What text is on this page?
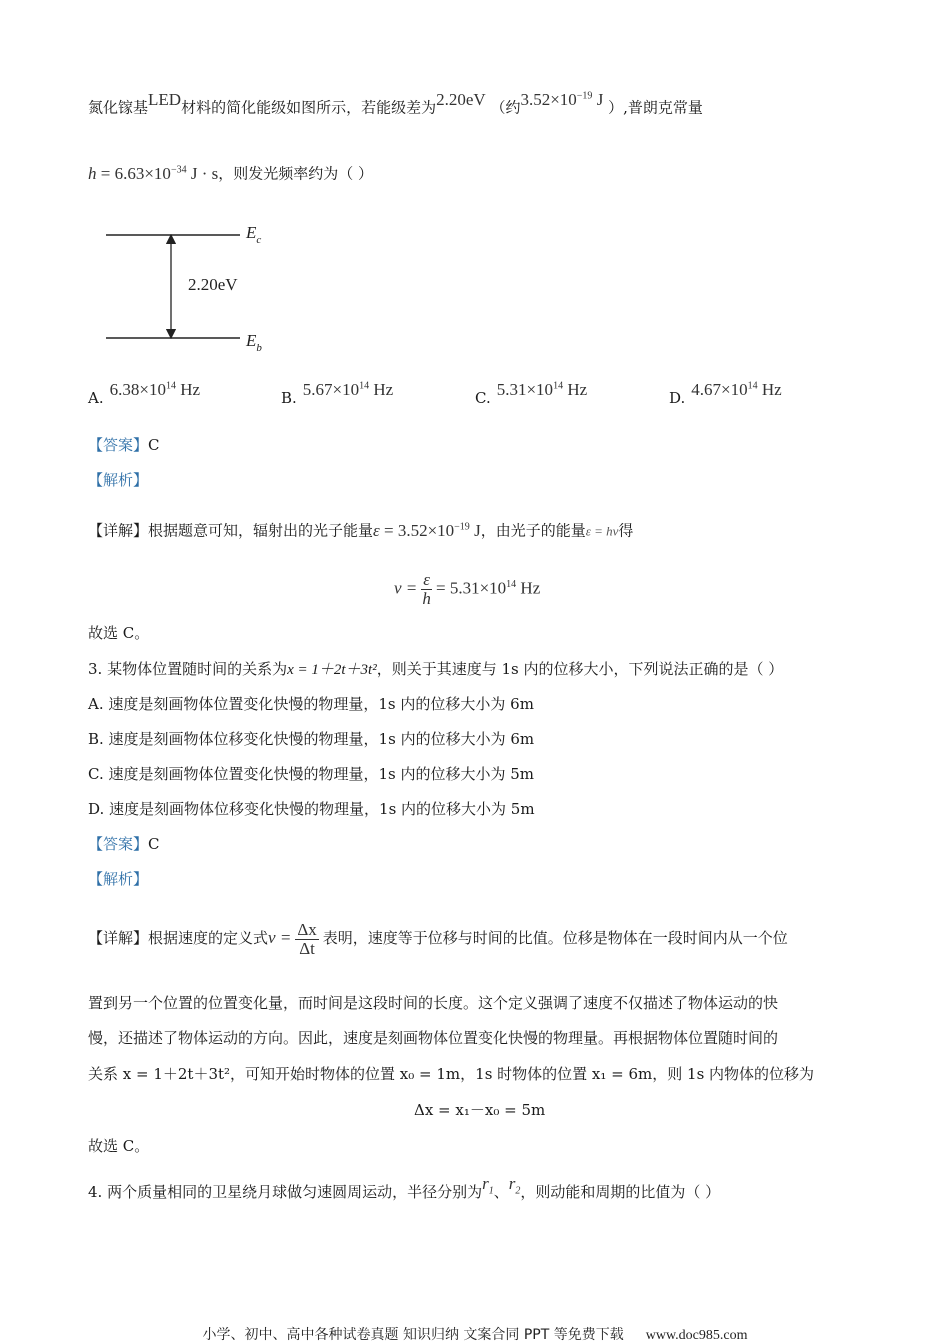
氮化镓基LED材料的简化能级如图所示，若能级差为2.20eV （约$3.52\times 10^{-19}$ J ）,普朗克常量
$h = 6.63\times 10^{-34}$ J · s，则发光频率约为（ ）
2.20eV
$E_c$
$E_b$
A. $6.38\times 10^{14}$ Hz	B. $5.67\times 10^{14}$ Hz	C. $5.31\times 10^{14}$ Hz	D. $4.67\times 10^{14}$ Hz
【答案】C
【解析】
【详解】根据题意可知，辐射出的光子能量$\varepsilon = 3.52\times 10^{-19}$ J，由光子的能量ε = hν得
$\nu = \frac{\varepsilon}{h} = 5.31\times 10^{14}$ Hz
故选 C。
3. 某物体位置随时间的关系为x = 1＋2t＋3t²，则关于其速度与 1s 内的位移大小，下列说法正确的是（ ）
A. 速度是刻画物体位置变化快慢的物理量，1s 内的位移大小为 6m
B. 速度是刻画物体位移变化快慢的物理量，1s 内的位移大小为 6m
C. 速度是刻画物体位置变化快慢的物理量，1s 内的位移大小为 5m
D. 速度是刻画物体位移变化快慢的物理量，1s 内的位移大小为 5m
【答案】C
【解析】
【详解】根据速度的定义式$v = \frac{\Delta x}{\Delta t}$ 表明，速度等于位移与时间的比值。位移是物体在一段时间内从一个位
置到另一个位置的位置变化量，而时间是这段时间的长度。这个定义强调了速度不仅描述了物体运动的快
慢，还描述了物体运动的方向。因此，速度是刻画物体位置变化快慢的物理量。再根据物体位置随时间的
关系 x = 1＋2t＋3t²，可知开始时物体的位置 x₀ = 1m，1s 时物体的位置 x₁ = 6m，则 1s 内物体的位移为
Δx = x₁－x₀ = 5m
故选 C。
4. 两个质量相同的卫星绕月球做匀速圆周运动，半径分别为$r_1$、$r_2$，则动能和周期的比值为（ ）
小学、初中、高中各种试卷真题 知识归纳 文案合同 PPT 等免费下载 www.doc985.com
